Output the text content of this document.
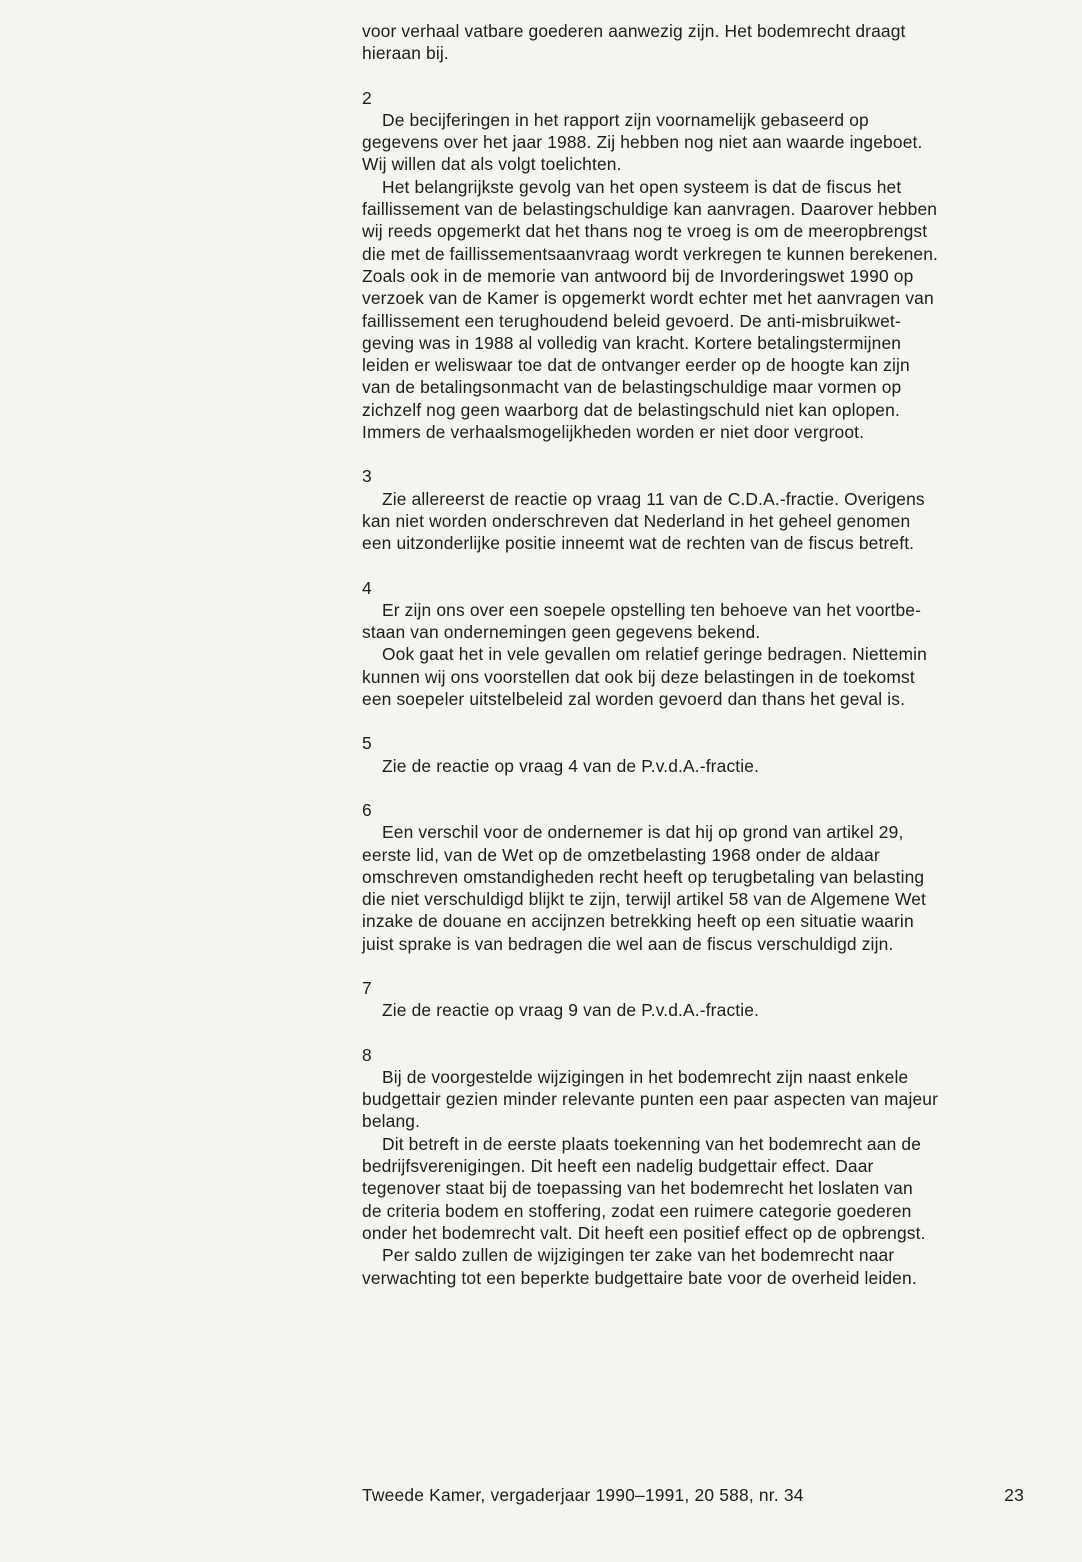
voor verhaal vatbare goederen aanwezig zijn. Het bodemrecht draagt
hieraan bij.

2

De becijferingen in het rapport zijn voornamelijk gebaseerd op
gegevens over het jaar 1988. Zij hebben nog niet aan waarde ingeboet.
Wij willen dat als volgt toelichten.

Het belangrijkste gevolg van het open systeem is dat de fiscus het
faillissement van de belastingschuldige kan aanvragen. Daarover hebben
wij reeds opgemerkt dat het thans nog te vroeg is om de meeropbrengst
die met de faillissementsaanvraag wordt verkregen te kunnen berekenen.
Zoals ook in de memorie van antwoord bij de Invorderingswet 1990 op
verzoek van de Kamer is opgemerkt wordt echter met het aanvragen van
faillissement een terughoudend beleid gevoerd. De anti-misbruikwet-
geving was in 1988 al volledig van kracht. Kortere betalingstermijnen
leiden er weliswaar toe dat de ontvanger eerder op de hoogte kan zijn
van de betalingsonmacht van de belastingschuldige maar vormen op
zichzelf nog geen waarborg dat de belastingschuld niet kan oplopen.
Immers de verhaalsmogelijkheden worden er niet door vergroot.

3

Zie allereerst de reactie op vraag 11 van de C.D.A.-fractie. Overigens
kan niet worden onderschreven dat Nederland in het geheel genomen
een uitzonderlijke positie inneemt wat de rechten van de fiscus betreft.

4

Er zijn ons over een soepele opstelling ten behoeve van het voortbe-
staan van ondernemingen geen gegevens bekend.

Ook gaat het in vele gevallen om relatief geringe bedragen. Niettemin
kunnen wij ons voorstellen dat ook bij deze belastingen in de toekomst
een soepeler uitstelbeleid zal worden gevoerd dan thans het geval is.

5

Zie de reactie op vraag 4 van de P.v.d.A.-fractie.

6

Een verschil voor de ondernemer is dat hij op grond van artikel 29,
eerste lid, van de Wet op de omzetbelasting 1968 onder de aldaar
omschreven omstandigheden recht heeft op terugbetaling van belasting
die niet verschuldigd blijkt te zijn, terwijl artikel 58 van de Algemene Wet
inzake de douane en accijnzen betrekking heeft op een situatie waarin
juist sprake is van bedragen die wel aan de fiscus verschuldigd zijn.

7

Zie de reactie op vraag 9 van de P.v.d.A.-fractie.

8

Bij de voorgestelde wijzigingen in het bodemrecht zijn naast enkele
budgettair gezien minder relevante punten een paar aspecten van majeur
belang.

Dit betreft in de eerste plaats toekenning van het bodemrecht aan de
bedrijfsverenigingen. Dit heeft een nadelig budgettair effect. Daar
tegenover staat bij de toepassing van het bodemrecht het loslaten van
de criteria bodem en stoffering, zodat een ruimere categorie goederen
onder het bodemrecht valt. Dit heeft een positief effect op de opbrengst.

Per saldo zullen de wijzigingen ter zake van het bodemrecht naar
verwachting tot een beperkte budgettaire bate voor de overheid leiden.

Tweede Kamer, vergaderjaar 1990–1991, 20 588, nr. 34	23
